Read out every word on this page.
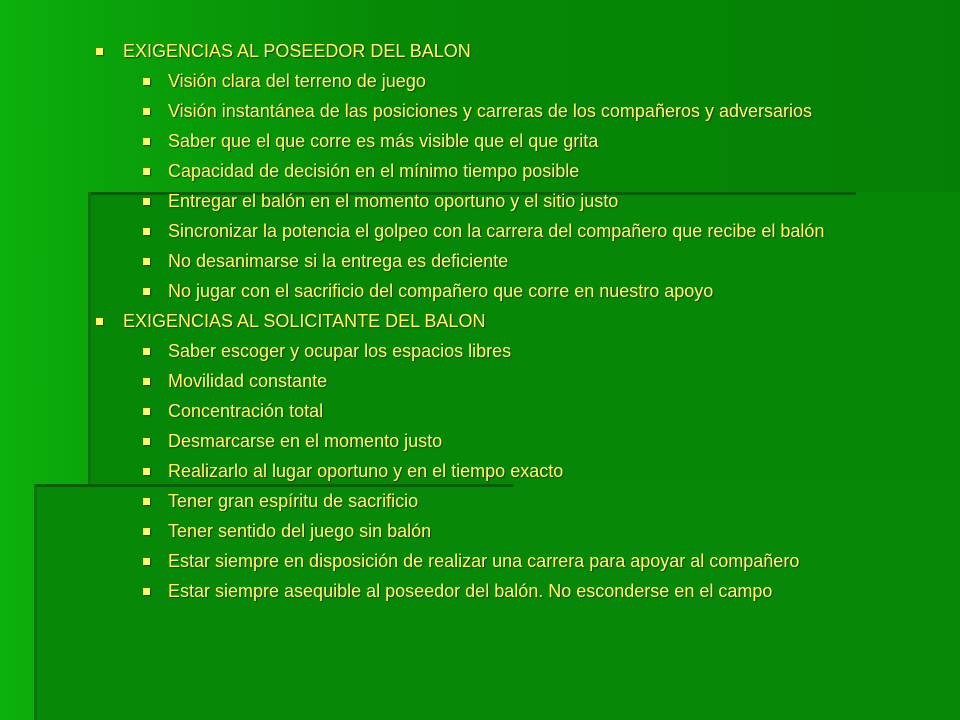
EXIGENCIAS AL POSEEDOR DEL BALON
Visión clara del terreno de juego
Visión instantánea de las posiciones y carreras de los compañeros y adversarios
Saber que el que corre es más visible que el que grita
Capacidad de decisión en el mínimo tiempo posible
Entregar el balón en el momento oportuno y el sitio justo
Sincronizar la potencia el golpeo con la carrera del compañero que recibe el balón
No desanimarse si la entrega es deficiente
No jugar con el sacrificio del compañero que corre en nuestro apoyo
EXIGENCIAS AL SOLICITANTE DEL BALON
Saber escoger y ocupar los espacios libres
Movilidad constante
Concentración total
Desmarcarse en el momento justo
Realizarlo al lugar oportuno y en el tiempo exacto
Tener gran espíritu de sacrificio
Tener sentido del juego sin balón
Estar siempre en disposición de realizar una carrera para apoyar al compañero
Estar siempre asequible al poseedor del balón. No esconderse en el campo
